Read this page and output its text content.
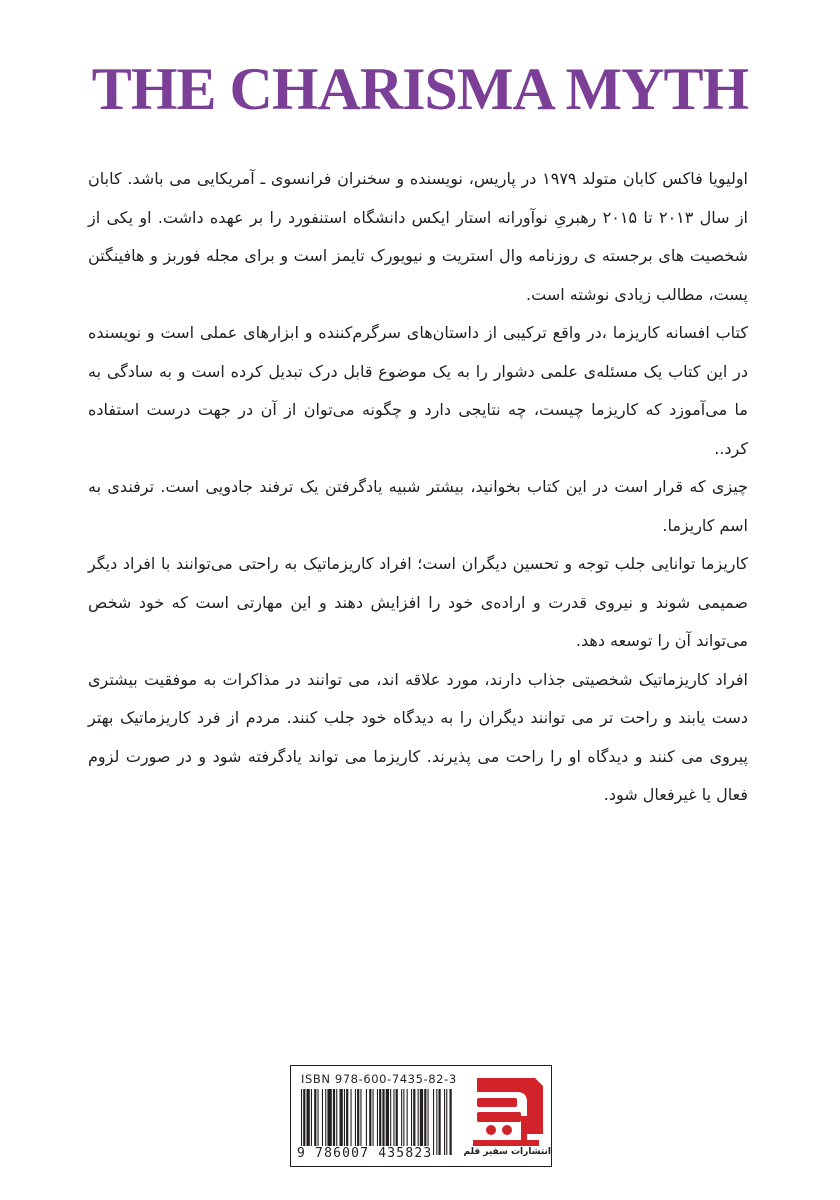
THE CHARISMA MYTH

اولیویا فاکس کابان متولد ۱۹۷۹ در پاریس، نویسنده و سخنران فرانسوی ـ آمریکایی می باشد. کابان از سال ۲۰۱۳ تا ۲۰۱۵ رهبریِ نوآورانه استار ایکس دانشگاه استنفورد را بر عهده داشت. او یکی از شخصیت های برجسته ی روزنامه وال استریت و نیویورک تایمز است و برای مجله فوربز و هافینگتن پست، مطالب زیادی نوشته است.

کتاب افسانه کاریزما ،در واقع ترکیبی از داستان‌های سرگرم‌کننده و ابزارهای عملی است و نویسنده در این کتاب یک مسئله‌ی علمی دشوار را به یک موضوع قابل درک تبدیل کرده است و به سادگی به ما می‌آموزد که کاریزما چیست، چه نتایجی دارد و چگونه می‌توان از آن در جهت درست استفاده کرد..

چیزی که قرار است در این کتاب بخوانید، بیشتر شبیه یادگرفتن یک ترفند جادویی است. ترفندی به اسم کاریزما.

کاریزما توانایی جلب توجه و تحسین دیگران است؛ افراد کاریزماتیک به راحتی می‌توانند با افراد دیگر صمیمی شوند و نیروی قدرت و اراده‌ی خود را افزایش دهند و این مهارتی است که خود شخص می‌تواند آن را توسعه دهد.

افراد کاریزماتیک شخصیتی جذاب دارند، مورد علاقه اند، می توانند در مذاکرات به موفقیت بیشتری دست یابند و راحت تر می توانند دیگران را به دیدگاه خود جلب کنند. مردم از فرد کاریزماتیک بهتر پیروی می کنند و دیدگاه او را راحت می پذیرند. کاریزما می تواند یادگرفته شود و در صورت لزوم فعال یا غیرفعال شود.

ISBN 978-600-7435-82-3
9 786007 435823	انتشارات سفیر قلم
